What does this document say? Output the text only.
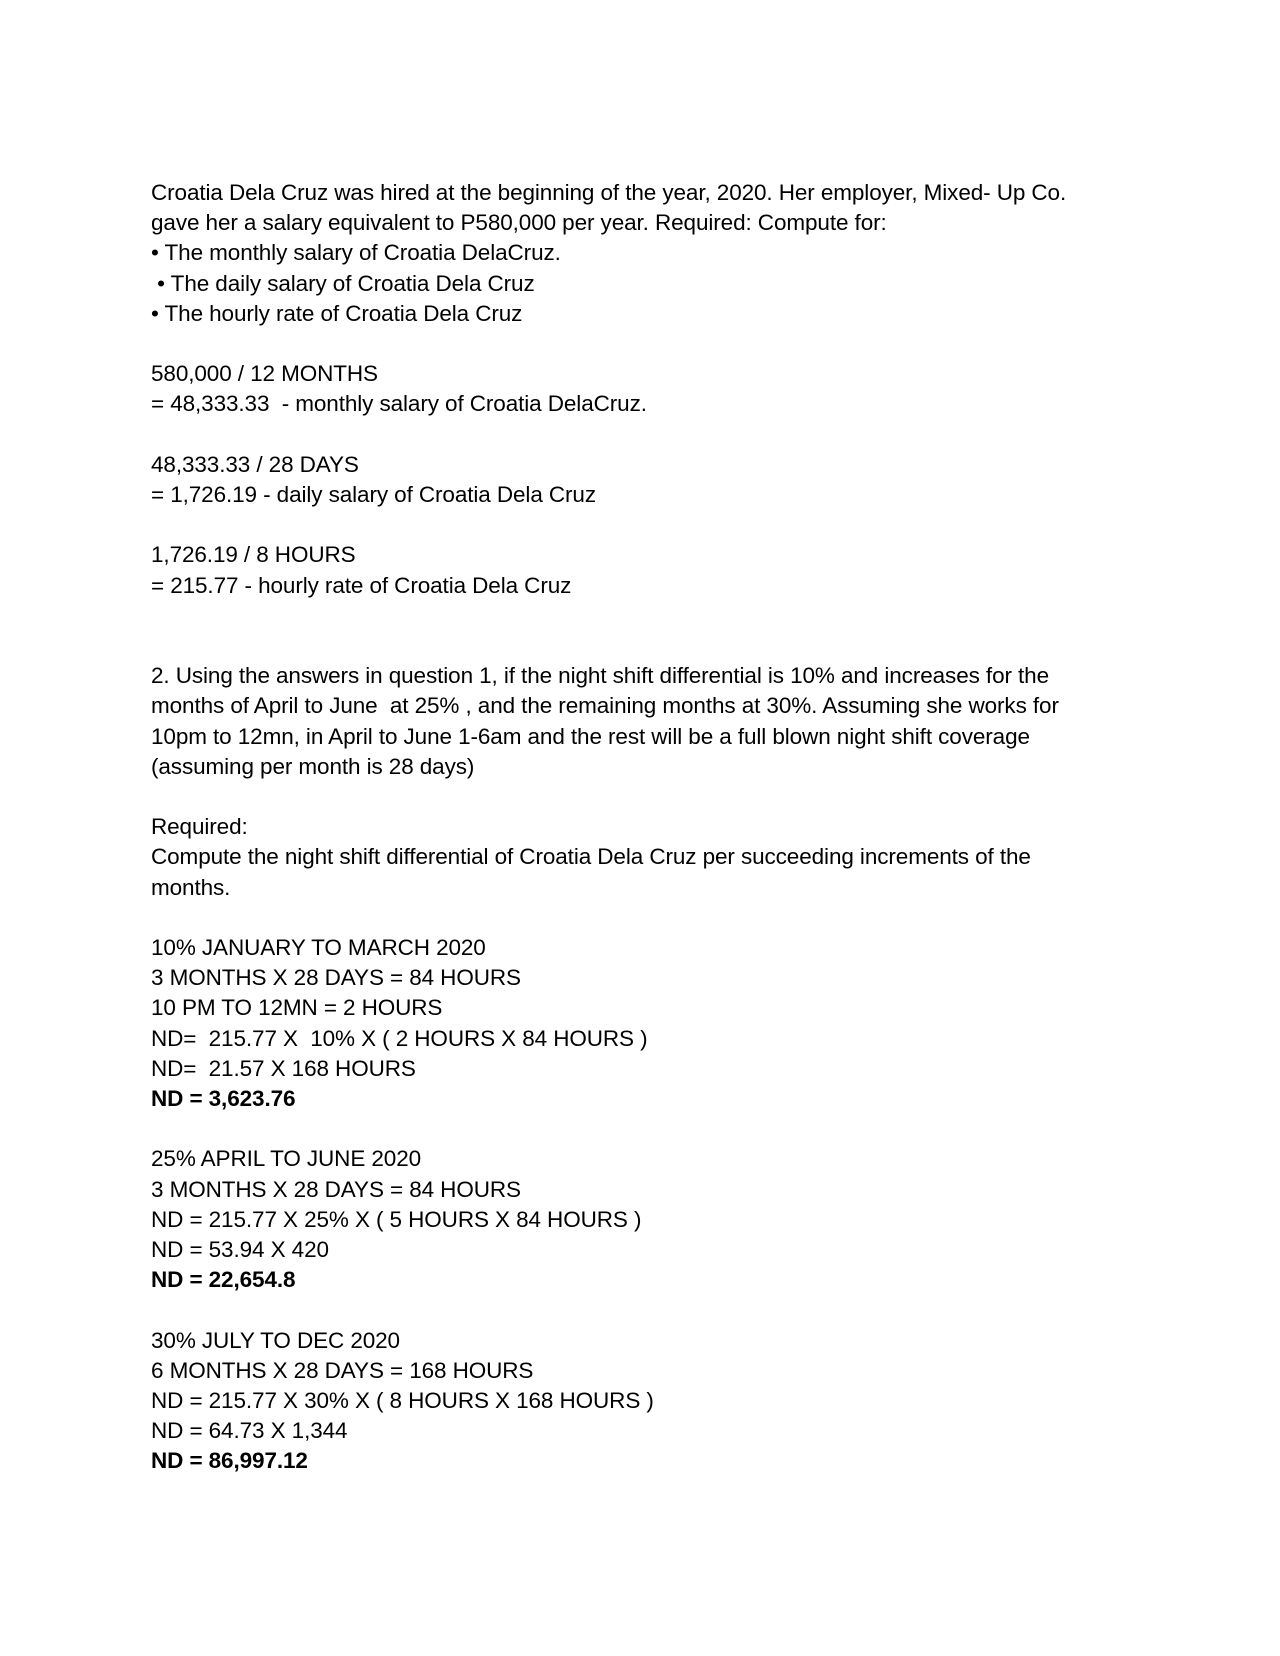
Croatia Dela Cruz was hired at the beginning of the year, 2020. Her employer, Mixed- Up Co.
gave her a salary equivalent to P580,000 per year. Required: Compute for:
• The monthly salary of Croatia DelaCruz.
• The daily salary of Croatia Dela Cruz
• The hourly rate of Croatia Dela Cruz
580,000 / 12 MONTHS
= 48,333.33  - monthly salary of Croatia DelaCruz.
48,333.33 / 28 DAYS
= 1,726.19 - daily salary of Croatia Dela Cruz
1,726.19 / 8 HOURS
= 215.77 - hourly rate of Croatia Dela Cruz
2. Using the answers in question 1, if the night shift differential is 10% and increases for the
months of April to June  at 25% , and the remaining months at 30%. Assuming she works for
10pm to 12mn, in April to June 1-6am and the rest will be a full blown night shift coverage
(assuming per month is 28 days)
Required:
Compute the night shift differential of Croatia Dela Cruz per succeeding increments of the
months.
10% JANUARY TO MARCH 2020
3 MONTHS X 28 DAYS = 84 HOURS
10 PM TO 12MN = 2 HOURS
ND=  215.77 X  10% X ( 2 HOURS X 84 HOURS )
ND=  21.57 X 168 HOURS
ND = 3,623.76
25% APRIL TO JUNE 2020
3 MONTHS X 28 DAYS = 84 HOURS
ND = 215.77 X 25% X ( 5 HOURS X 84 HOURS )
ND = 53.94 X 420
ND = 22,654.8
30% JULY TO DEC 2020
6 MONTHS X 28 DAYS = 168 HOURS
ND = 215.77 X 30% X ( 8 HOURS X 168 HOURS )
ND = 64.73 X 1,344
ND = 86,997.12
